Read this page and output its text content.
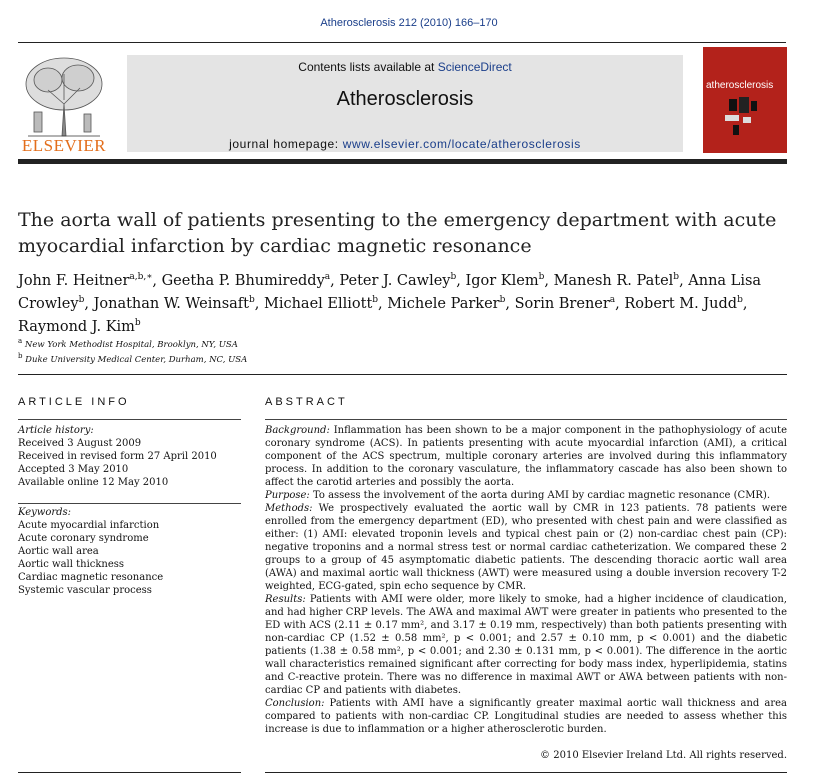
Atherosclerosis 212 (2010) 166–170
ELSEVIER
Contents lists available at ScienceDirect
Atherosclerosis
journal homepage: www.elsevier.com/locate/atherosclerosis
atherosclerosis
The aorta wall of patients presenting to the emergency department with acute myocardial infarction by cardiac magnetic resonance
John F. Heitner$^{a,b,∗}$, Geetha P. Bhumireddy$^a$, Peter J. Cawley$^b$, Igor Klem$^b$, Manesh R. Patel$^b$, Anna Lisa Crowley$^b$, Jonathan W. Weinsaft$^b$, Michael Elliott$^b$, Michele Parker$^b$, Sorin Brener$^a$, Robert M. Judd$^b$, Raymond J. Kim$^b$
$^a$ New York Methodist Hospital, Brooklyn, NY, USA
$^b$ Duke University Medical Center, Durham, NC, USA
ARTICLE INFO	ABSTRACT
Article history:
Received 3 August 2009
Received in revised form 27 April 2010
Accepted 3 May 2010
Available online 12 May 2010
Keywords:
Acute myocardial infarction
Acute coronary syndrome
Aortic wall area
Aortic wall thickness
Cardiac magnetic resonance
Systemic vascular process

Background: Inflammation has been shown to be a major component in the pathophysiology of acute coronary syndrome (ACS). In patients presenting with acute myocardial infarction (AMI), a critical component of the ACS spectrum, multiple coronary arteries are involved during this inflammatory process. In addition to the coronary vasculature, the inflammatory cascade has also been shown to affect the carotid arteries and possibly the aorta.

Purpose: To assess the involvement of the aorta during AMI by cardiac magnetic resonance (CMR).

Methods: We prospectively evaluated the aortic wall by CMR in 123 patients. 78 patients were enrolled from the emergency department (ED), who presented with chest pain and were classified as either: (1) AMI: elevated troponin levels and typical chest pain or (2) non-cardiac chest pain (CP): negative troponins and a normal stress test or normal cardiac catheterization. We compared these 2 groups to a group of 45 asymptomatic diabetic patients. The descending thoracic aortic wall area (AWA) and maximal aortic wall thickness (AWT) were measured using a double inversion recovery T-2 weighted, ECG-gated, spin echo sequence by CMR.

Results: Patients with AMI were older, more likely to smoke, had a higher incidence of claudication, and had higher CRP levels. The AWA and maximal AWT were greater in patients who presented to the ED with ACS (2.11 ± 0.17 mm², and 3.17 ± 0.19 mm, respectively) than both patients presenting with non-cardiac CP (1.52 ± 0.58 mm², p < 0.001; and 2.57 ± 0.10 mm, p < 0.001) and the diabetic patients (1.38 ± 0.58 mm², p < 0.001; and 2.30 ± 0.131 mm, p < 0.001). The difference in the aortic wall characteristics remained significant after correcting for body mass index, hyperlipidemia, statins and C-reactive protein. There was no difference in maximal AWT or AWA between patients with non-cardiac CP and patients with diabetes.

Conclusion: Patients with AMI have a significantly greater maximal aortic wall thickness and area compared to patients with non-cardiac CP. Longitudinal studies are needed to assess whether this increase is due to inflammation or a higher atherosclerotic burden.

© 2010 Elsevier Ireland Ltd. All rights reserved.
